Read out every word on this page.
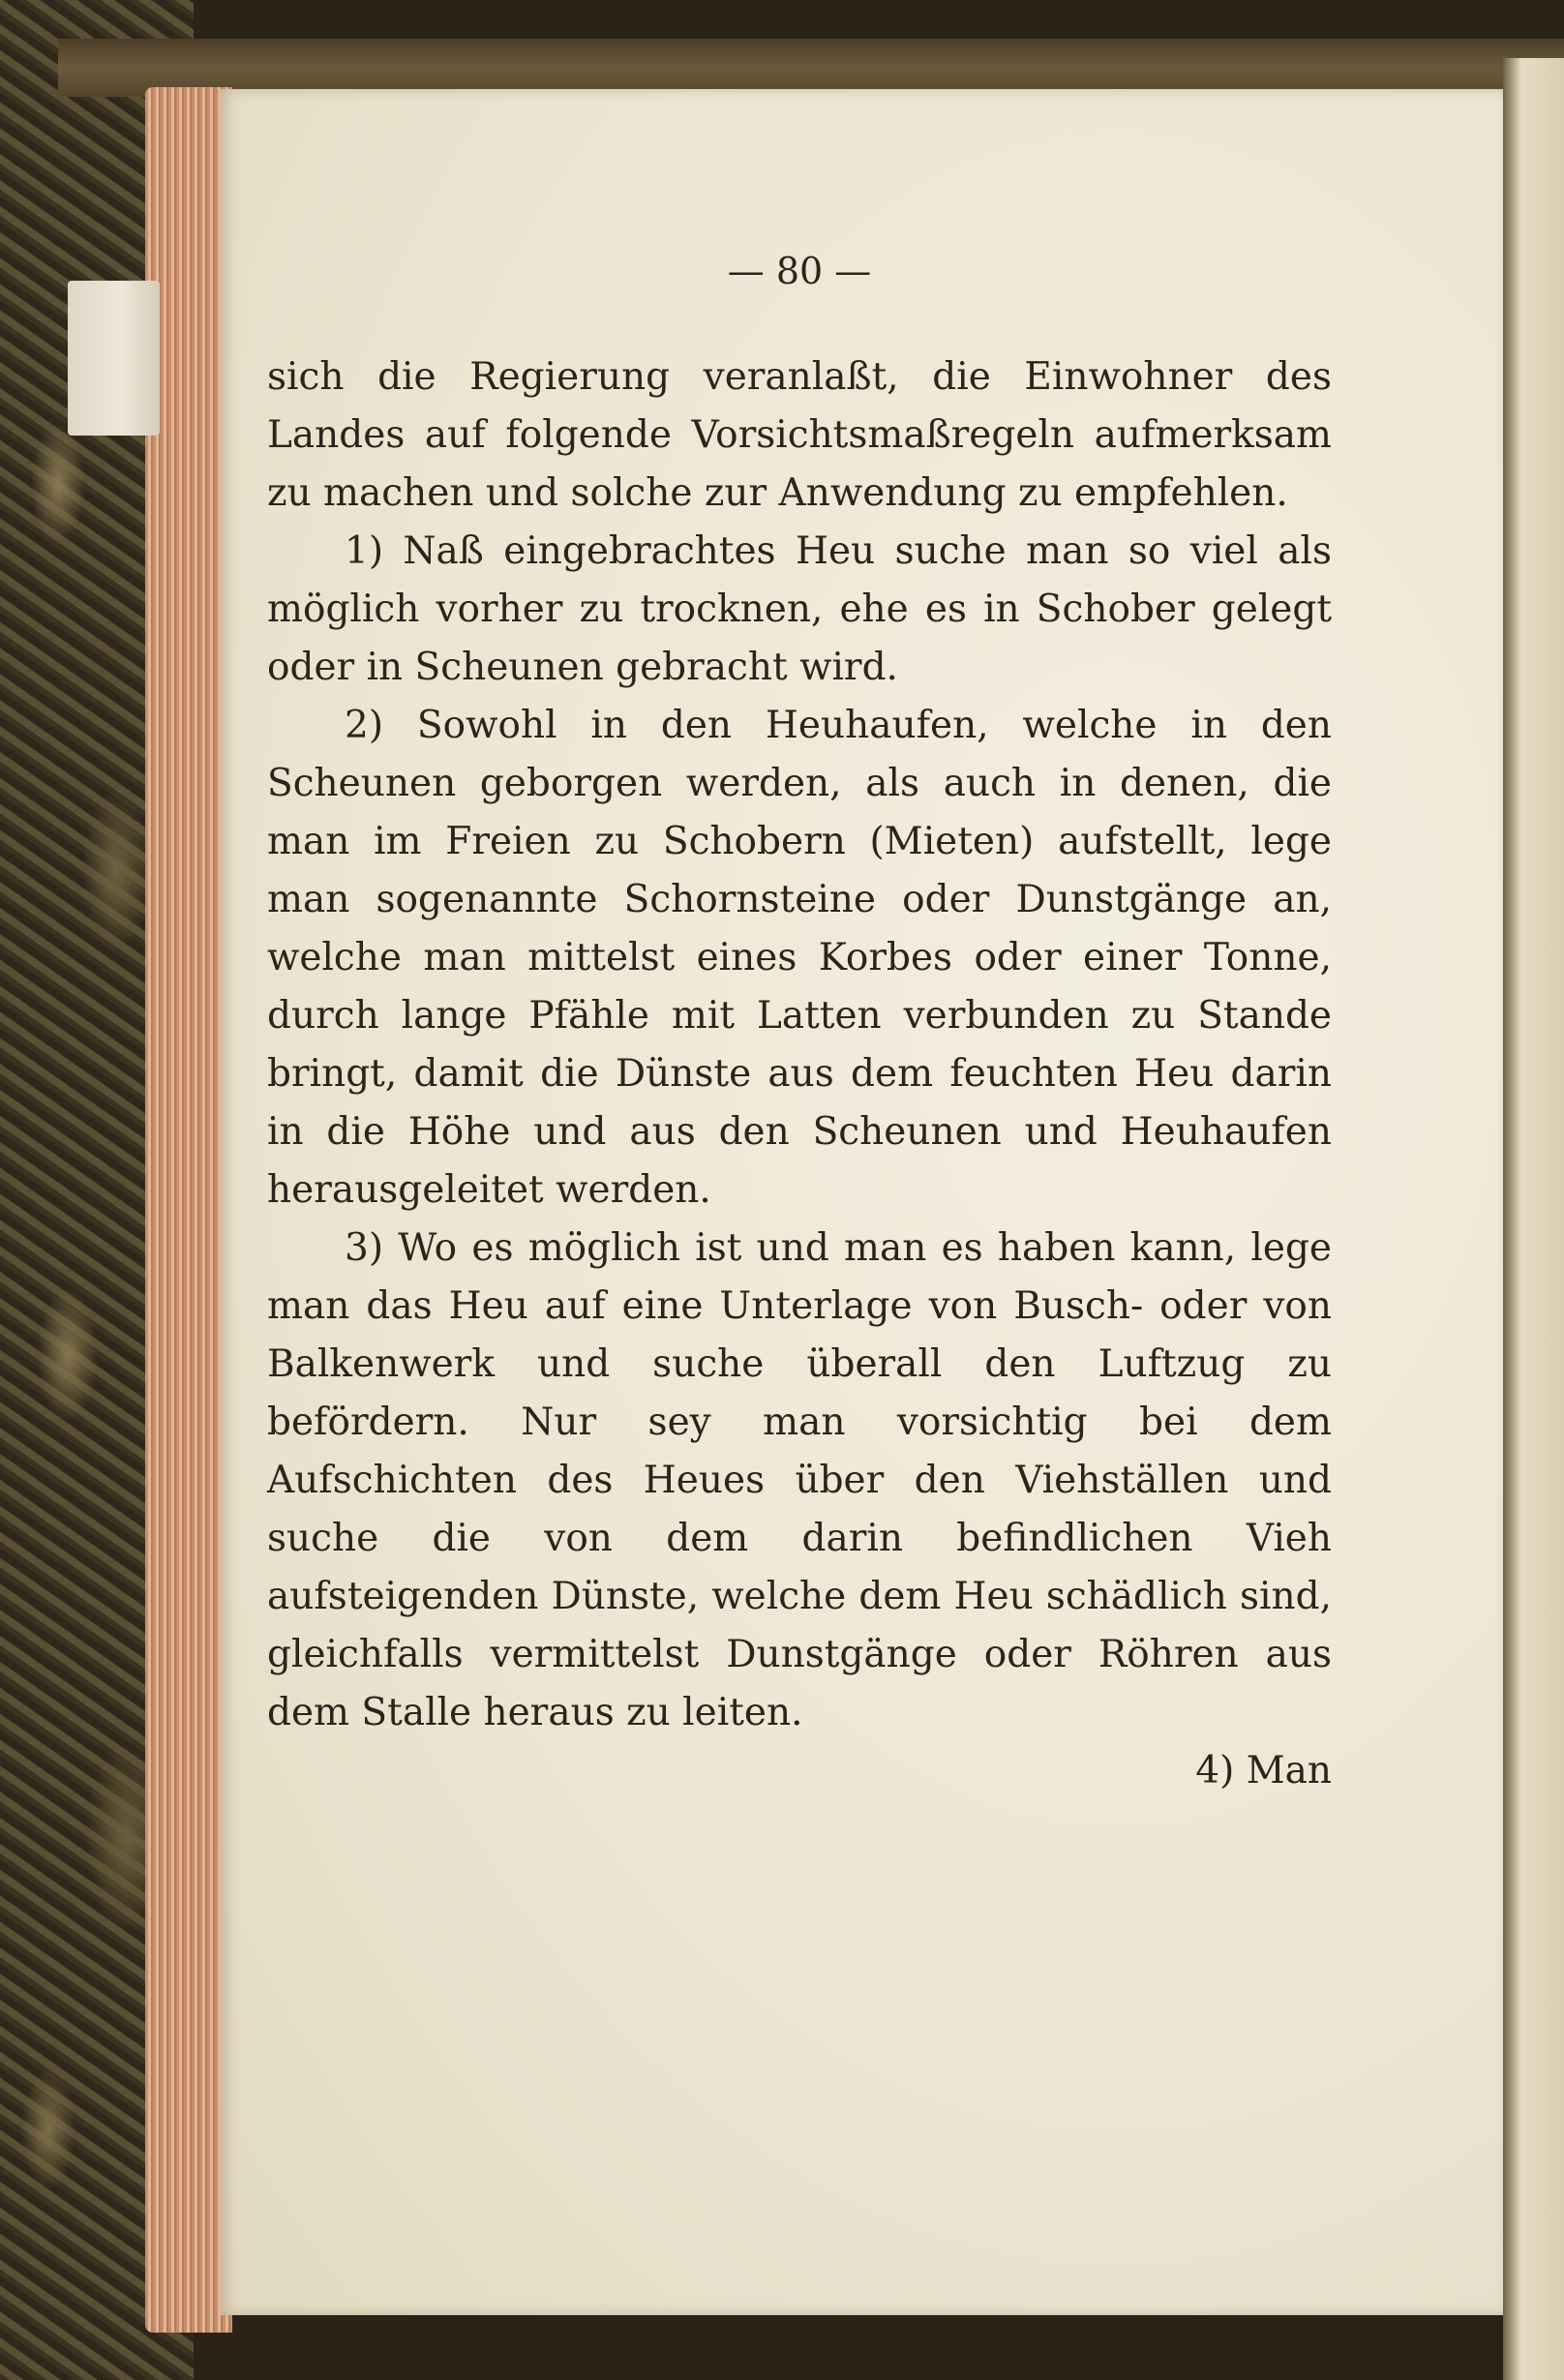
— 80 —

sich die Regierung veranlaßt, die Einwohner des Landes auf folgende Vorsichtsmaßregeln aufmerksam zu machen und solche zur Anwendung zu empfehlen.

1) Naß eingebrachtes Heu suche man so viel als möglich vorher zu trocknen, ehe es in Schober gelegt oder in Scheunen gebracht wird.

2) Sowohl in den Heuhaufen, welche in den Scheunen geborgen werden, als auch in denen, die man im Freien zu Schobern (Mieten) aufstellt, lege man sogenannte Schornsteine oder Dunstgänge an, welche man mittelst eines Korbes oder einer Tonne, durch lange Pfähle mit Latten verbunden zu Stande bringt, damit die Dünste aus dem feuchten Heu darin in die Höhe und aus den Scheunen und Heuhaufen herausgeleitet werden.

3) Wo es möglich ist und man es haben kann, lege man das Heu auf eine Unterlage von Busch- oder von Balkenwerk und suche überall den Luftzug zu befördern. Nur sey man vorsichtig bei dem Aufschichten des Heues über den Viehställen und suche die von dem darin befindlichen Vieh aufsteigenden Dünste, welche dem Heu schädlich sind, gleichfalls vermittelst Dunstgänge oder Röhren aus dem Stalle heraus zu leiten.

4) Man
